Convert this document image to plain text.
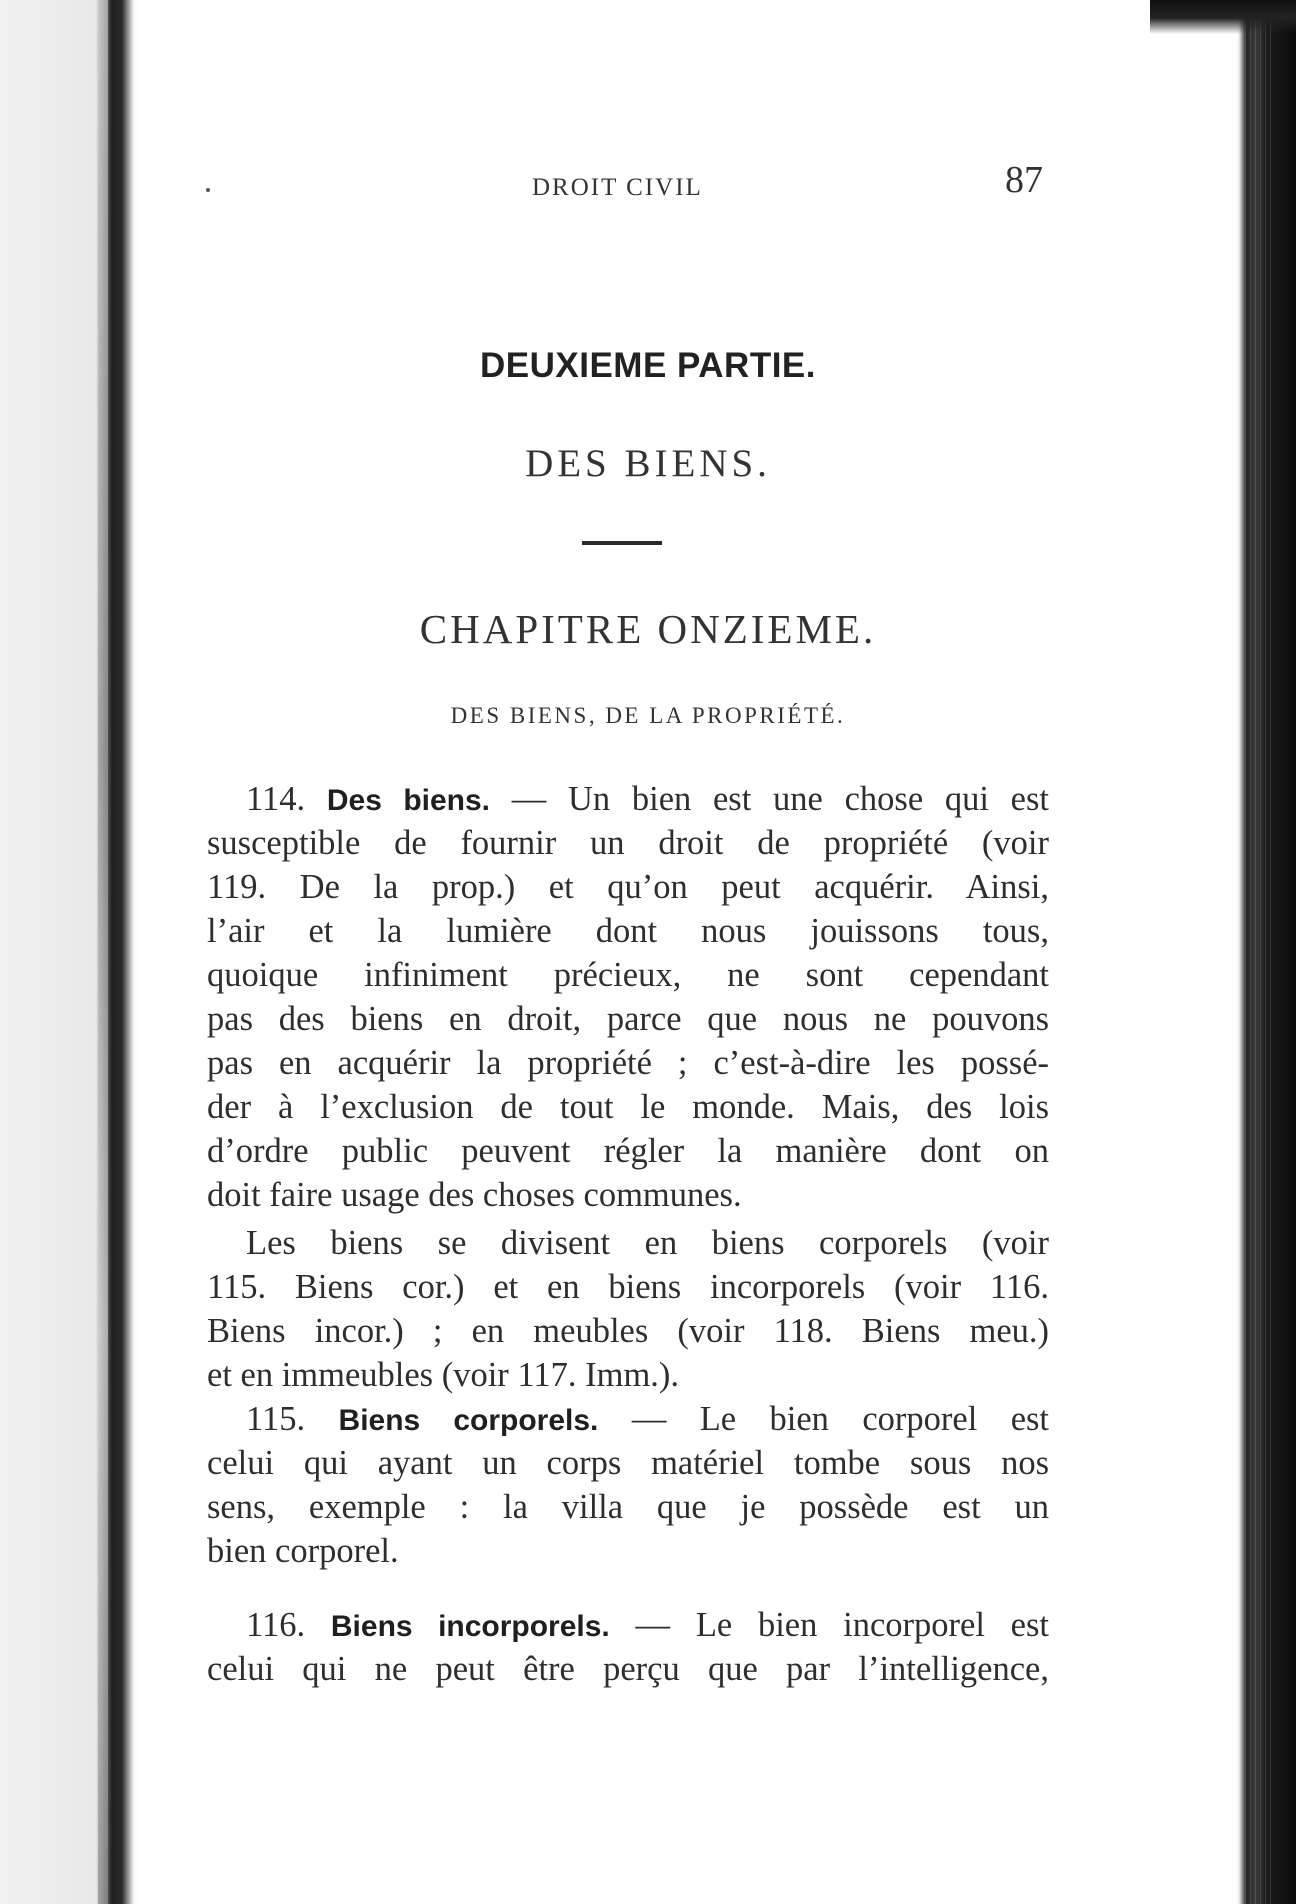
DROIT CIVIL	87
DEUXIEME PARTIE.
DES BIENS.
CHAPITRE ONZIEME.
DES BIENS, DE LA PROPRIÉTÉ.
114. Des biens. — Un bien est une chose qui est
susceptible de fournir un droit de propriété (voir
119. De la prop.) et qu’on peut acquérir. Ainsi,
l’air et la lumière dont nous jouissons tous,
quoique infiniment précieux, ne sont cependant
pas des biens en droit, parce que nous ne pouvons
pas en acquérir la propriété ; c’est-à-dire les possé-
der à l’exclusion de tout le monde. Mais, des lois
d’ordre public peuvent régler la manière dont on
doit faire usage des choses communes.
Les biens se divisent en biens corporels (voir
115. Biens cor.) et en biens incorporels (voir 116.
Biens incor.) ; en meubles (voir 118. Biens meu.)
et en immeubles (voir 117. Imm.).
115. Biens corporels. — Le bien corporel est
celui qui ayant un corps matériel tombe sous nos
sens, exemple : la villa que je possède est un
bien corporel.
116. Biens incorporels. — Le bien incorporel est
celui qui ne peut être perçu que par l’intelligence,
